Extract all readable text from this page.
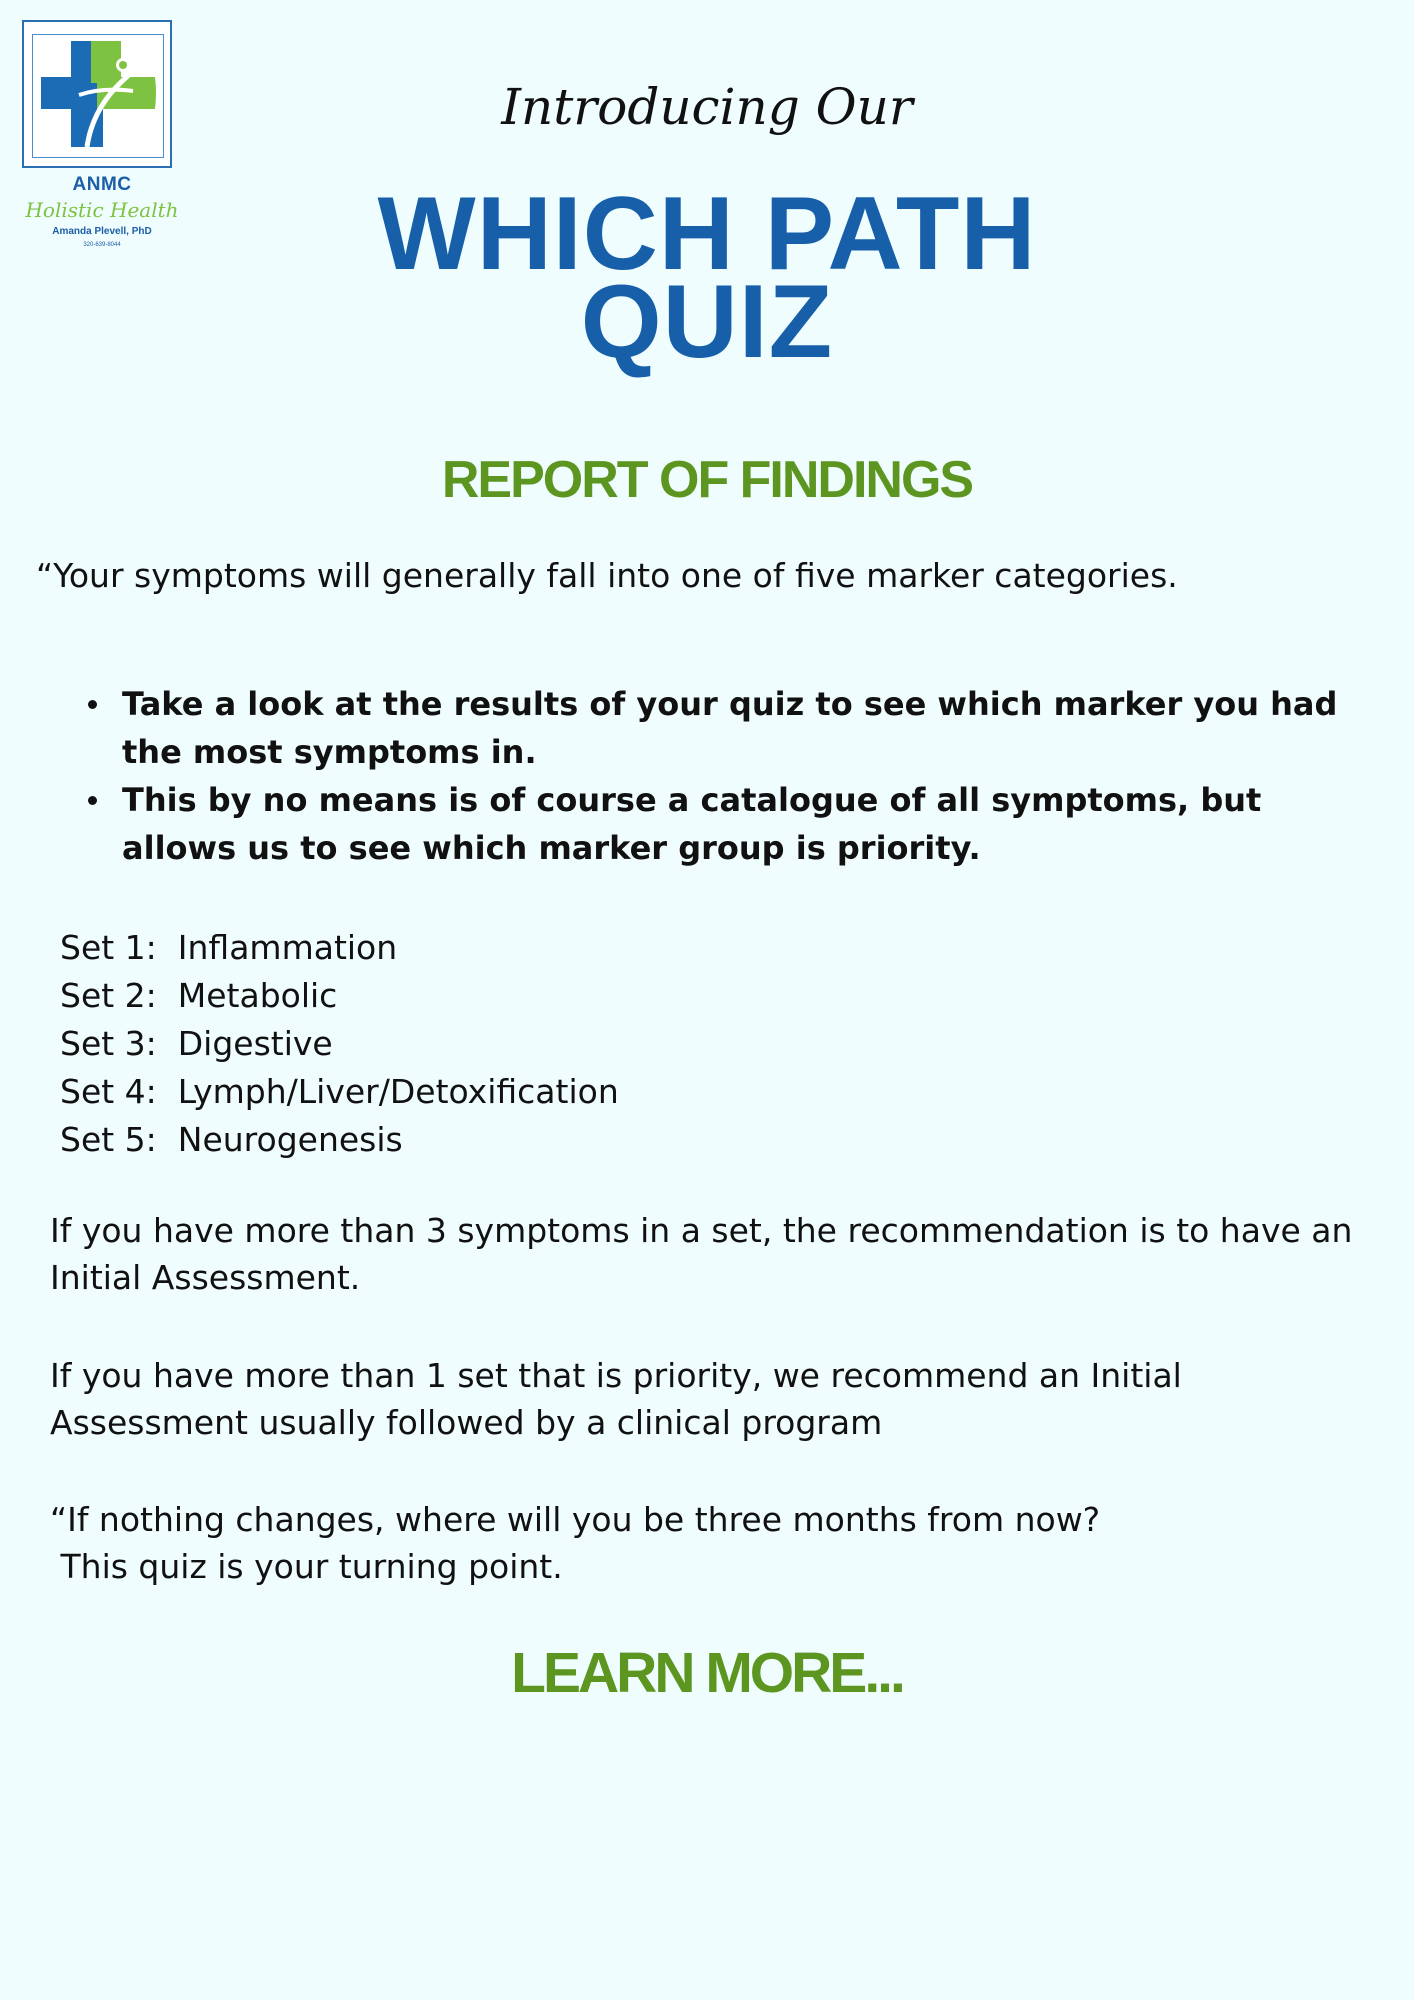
ANMC
Holistic Health
Amanda Plevell, PhD
320-639-8044
Introducing Our
WHICH PATH
QUIZ
REPORT OF FINDINGS
“Your symptoms will generally fall into one of five marker categories.
Take a look at the results of your quiz to see which marker you had the most symptoms in.
This by no means is of course a catalogue of all symptoms, but allows us to see which marker group is priority.
Set 1:  Inflammation
Set 2:  Metabolic
Set 3:  Digestive
Set 4:  Lymph/Liver/Detoxification
Set 5:  Neurogenesis
If you have more than 3 symptoms in a set, the recommendation is to have an Initial Assessment.
If you have more than 1 set that is priority, we recommend an Initial Assessment usually followed by a clinical program
“If nothing changes, where will you be three months from now?
This quiz is your turning point.
LEARN MORE...
